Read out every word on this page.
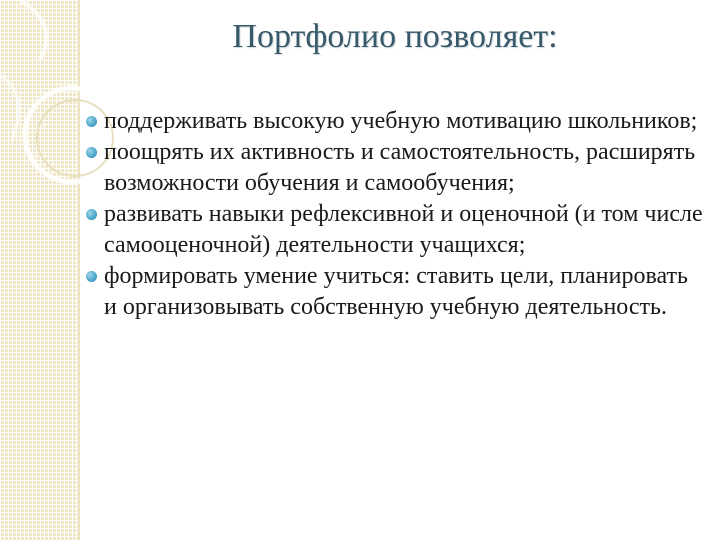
Портфолио позволяет:
поддерживать высокую учебную мотивацию школьников;
поощрять их активность и самостоятельность, расширять возможности обучения и самообучения;
развивать навыки рефлексивной и оценочной (и том числе самооценочной) деятельности учащихся;
формировать умение учиться: ставить цели, планировать и организовывать собственную учебную деятельность.
